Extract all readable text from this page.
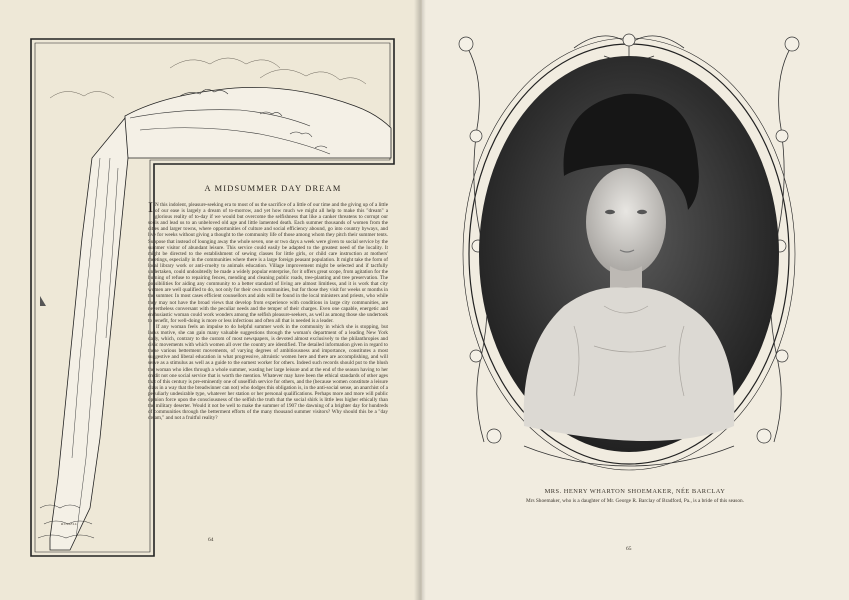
A MIDSUMMER DAY DREAM

I N this indolent, pleasure-seeking era to most of us the sacrifice of a little of our time and the giving up of a little of our ease is largely a dream of to-morrow, and yet how much we might all help to make this "dream" a glorious reality of to-day if we would but overcome the selfishness that like a canker threatens to corrupt our souls and lead us to an unbeloved old age and little lamented death. Each summer thousands of women from the cities and larger towns, where opportunities of culture and social efficiency abound, go into country byways, and live for weeks without giving a thought to the community life of those among whom they pitch their summer tents. Suppose that instead of lounging away the whole seven, one or two days a week were given to social service by the summer visitor of abundant leisure. This service could easily be adapted to the greatest need of the locality. It might be directed to the establishment of sewing classes for little girls, or child care instruction at mothers' meetings, especially in the communities where there is a large foreign peasant population. It might take the form of local library work or anti-cruelty to animals education. Village improvement might be selected and if tactfully undertaken, could undoubtedly be made a widely popular enterprise, for it offers great scope, from agitation for the burning of refuse to repairing fences, mending and cleaning public roads, tree-planting and tree preservation. The possibilities for aiding any community to a better standard of living are almost limitless, and it is work that city women are well qualified to do, not only for their own communities, but for those they visit for weeks or months in the summer. In most cases efficient counsellors and aids will be found in the local ministers and priests, who while they may not have the broad views that develop from experience with conditions in large city communities, are nevertheless conversant with the peculiar needs and the temper of their charges. Even one capable, energetic and enthusiastic woman could work wonders among the selfish pleasure-seekers, as well as among those she undertook to benefit, for well-doing is more or less infectious and often all that is needed is a leader.

If any woman feels an impulse to do helpful summer work in the community in which she is stopping, but lacks motive, she can gain many valuable suggestions through the woman's department of a leading New York daily, which, contrary to the custom of most newspapers, is devoted almost exclusively to the philanthropies and civic movements with which women all over the country are identified. The detailed information given in regard to these various betterment movements, of varying degrees of ambitiousness and importance, constitutes a most suggestive and liberal education in what progressive, altruistic women here and there are accomplishing, and will serve as a stimulus as well as a guide to the earnest worker for others. Indeed such records should put to the blush the woman who idles through a whole summer, wasting her large leisure and at the end of the season having to her credit not one social service that is worth the mention. Whatever may have been the ethical standards of other ages that of this century is pre-eminently one of unselfish service for others, and the (because women constitute a leisure class in a way that the breadwinner can not) who dodges this obligation is, in the anti-social sense, an anarchist of a peculiarly undesirable type, whatever her station or her personal qualifications. Perhaps more and more will public opinion force upon the consciousness of the selfish the truth that the social shirk is little less higher ethically than the military deserter. Would it not be well to make the summer of 1907 the dawning of a brighter day for hundreds of communities through the betterment efforts of the many thousand summer visitors? Why should this be a "day dream," and not a fruitful reality?

RUSSELL
64
MRS. HENRY WHARTON SHOEMAKER, NÉE BARCLAY
Mrs Shoemaker, who is a daughter of Mr. George R. Barclay of Bradford, Pa., is a bride of this season.
65
